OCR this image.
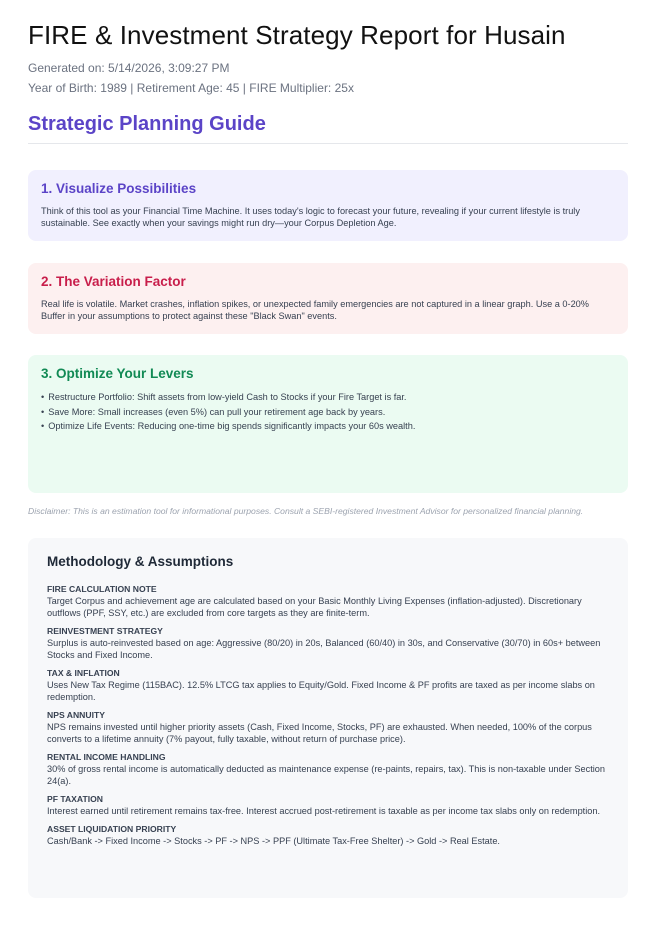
FIRE & Investment Strategy Report for Husain
Generated on: 5/14/2026, 3:09:27 PM
Year of Birth: 1989 | Retirement Age: 45 | FIRE Multiplier: 25x
Strategic Planning Guide
1. Visualize Possibilities

Think of this tool as your Financial Time Machine. It uses today's logic to forecast your future, revealing if your current lifestyle is truly sustainable. See exactly when your savings might run dry—your Corpus Depletion Age.

2. The Variation Factor

Real life is volatile. Market crashes, inflation spikes, or unexpected family emergencies are not captured in a linear graph. Use a 0-20% Buffer in your assumptions to protect against these "Black Swan" events.

3. Optimize Your Levers
• Restructure Portfolio: Shift assets from low-yield Cash to Stocks if your Fire Target is far.
• Save More: Small increases (even 5%) can pull your retirement age back by years.
• Optimize Life Events: Reducing one-time big spends significantly impacts your 60s wealth.
Disclaimer: This is an estimation tool for informational purposes. Consult a SEBI-registered Investment Advisor for personalized financial planning.
Methodology & Assumptions
FIRE CALCULATION NOTE
Target Corpus and achievement age are calculated based on your Basic Monthly Living Expenses (inflation-adjusted). Discretionary outflows (PPF, SSY, etc.) are excluded from core targets as they are finite-term.
REINVESTMENT STRATEGY
Surplus is auto-reinvested based on age: Aggressive (80/20) in 20s, Balanced (60/40) in 30s, and Conservative (30/70) in 60s+ between Stocks and Fixed Income.
TAX & INFLATION
Uses New Tax Regime (115BAC). 12.5% LTCG tax applies to Equity/Gold. Fixed Income & PF profits are taxed as per income slabs on redemption.
NPS ANNUITY
NPS remains invested until higher priority assets (Cash, Fixed Income, Stocks, PF) are exhausted. When needed, 100% of the corpus converts to a lifetime annuity (7% payout, fully taxable, without return of purchase price).
RENTAL INCOME HANDLING
30% of gross rental income is automatically deducted as maintenance expense (re-paints, repairs, tax). This is non-taxable under Section 24(a).
PF TAXATION
Interest earned until retirement remains tax-free. Interest accrued post-retirement is taxable as per income tax slabs only on redemption.
ASSET LIQUIDATION PRIORITY
Cash/Bank -> Fixed Income -> Stocks -> PF -> NPS -> PPF (Ultimate Tax-Free Shelter) -> Gold -> Real Estate.
